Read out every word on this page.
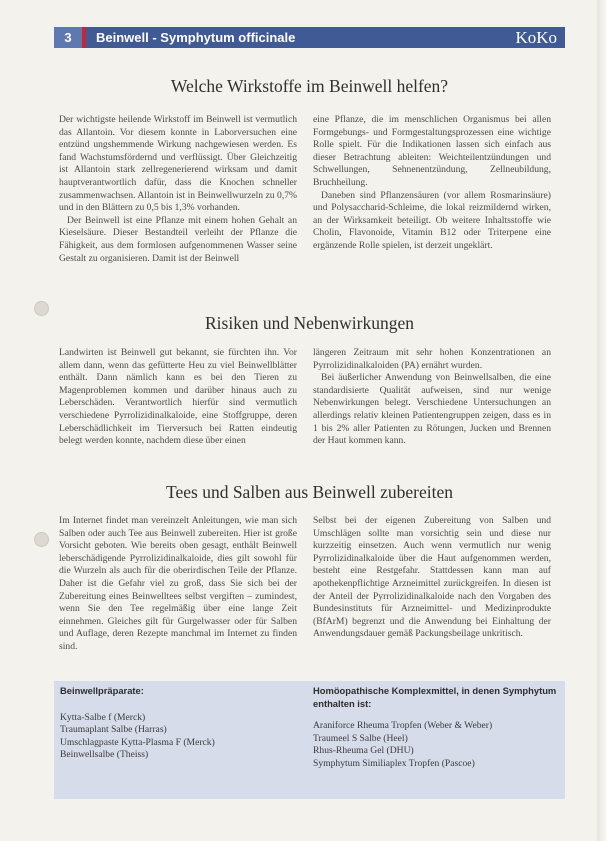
3	Beinwell - Symphytum officinale	KoKo
Welche Wirkstoffe im Beinwell helfen?

Der wichtigste heilende Wirkstoff im Beinwell ist vermutlich das Allantoin. Vor diesem konnte in Laborversuchen eine entzünd ungshemmende Wirkung nachgewiesen werden. Es fand Wachstumsfördernd und verflüssigt. Über Gleichzeitig ist Allantoin stark zellregenerierend wirksam und damit hauptverantwortlich dafür, dass die Knochen schneller zusammenwachsen. Allantoin ist in Beinwellwurzeln zu 0,7% und in den Blättern zu 0,5 bis 1,3% vorhanden.

Der Beinwell ist eine Pflanze mit einem hohen Gehalt an Kieselsäure. Dieser Bestandteil verleiht der Pflanze die Fähigkeit, aus dem formlosen aufgenommenen Wasser seine Gestalt zu organisieren. Damit ist der Beinwell

eine Pflanze, die im menschlichen Organismus bei allen Formgebungs- und Formgestaltungsprozessen eine wichtige Rolle spielt. Für die Indikationen lassen sich einfach aus dieser Betrachtung ableiten: Weichteilentzündungen und Schwellungen, Sehnenentzündung, Zellneubildung, Bruchheilung.

Daneben sind Pflanzensäuren (vor allem Rosmarinsäure) und Polysaccharid-Schleime, die lokal reizmildernd wirken, an der Wirksamkeit beteiligt. Ob weitere Inhaltsstoffe wie Cholin, Flavonoide, Vitamin B12 oder Triterpene eine ergänzende Rolle spielen, ist derzeit ungeklärt.

Risiken und Nebenwirkungen

Landwirten ist Beinwell gut bekannt, sie fürchten ihn. Vor allem dann, wenn das gefütterte Heu zu viel Beinwellblätter enthält. Dann nämlich kann es bei den Tieren zu Magenproblemen kommen und darüber hinaus auch zu Leberschäden. Verantwortlich hierfür sind vermutlich verschiedene Pyrrolizidinalkaloide, eine Stoffgruppe, deren Leberschädlichkeit im Tierversuch bei Ratten eindeutig belegt werden konnte, nachdem diese über einen

längeren Zeitraum mit sehr hohen Konzentrationen an Pyrrolizidinalkaloiden (PA) ernährt wurden.

Bei äußerlicher Anwendung von Beinwellsalben, die eine standardisierte Qualität aufweisen, sind nur wenige Nebenwirkungen belegt. Verschiedene Untersuchungen an allerdings relativ kleinen Patientengruppen zeigen, dass es in 1 bis 2% aller Patienten zu Rötungen, Jucken und Brennen der Haut kommen kann.

Tees und Salben aus Beinwell zubereiten

Im Internet findet man vereinzelt Anleitungen, wie man sich Salben oder auch Tee aus Beinwell zubereiten. Hier ist große Vorsicht geboten. Wie bereits oben gesagt, enthält Beinwell leberschädigende Pyrrolizidinalkaloide, dies gilt sowohl für die Wurzeln als auch für die oberirdischen Teile der Pflanze. Daher ist die Gefahr viel zu groß, dass Sie sich bei der Zubereitung eines Beinwelltees selbst vergiften – zumindest, wenn Sie den Tee regelmäßig über eine lange Zeit einnehmen. Gleiches gilt für Gurgelwasser oder für Salben und Auflage, deren Rezepte manchmal im Internet zu finden sind.

Selbst bei der eigenen Zubereitung von Salben und Umschlägen sollte man vorsichtig sein und diese nur kurzzeitig einsetzen. Auch wenn vermutlich nur wenig Pyrrolizidinalkaloide über die Haut aufgenommen werden, besteht eine Restgefahr. Stattdessen kann man auf apothekenpflichtige Arzneimittel zurückgreifen. In diesen ist der Anteil der Pyrrolizidinalkaloide nach den Vorgaben des Bundesinstituts für Arzneimittel- und Medizinprodukte (BfArM) begrenzt und die Anwendung bei Einhaltung der Anwendungsdauer gemäß Packungsbeilage unkritisch.

Beinwellpräparate:

Kytta-Salbe f (Merck)
Traumaplant Salbe (Harras)
Umschlagpaste Kytta-Plasma F (Merck)
Beinwellsalbe (Theiss)

Homöopathische Komplexmittel, in denen Symphytum enthalten ist:

Araniforce Rheuma Tropfen (Weber & Weber)
Traumeel S Salbe (Heel)
Rhus-Rheuma Gel (DHU)
Symphytum Similiaplex Tropfen (Pascoe)
